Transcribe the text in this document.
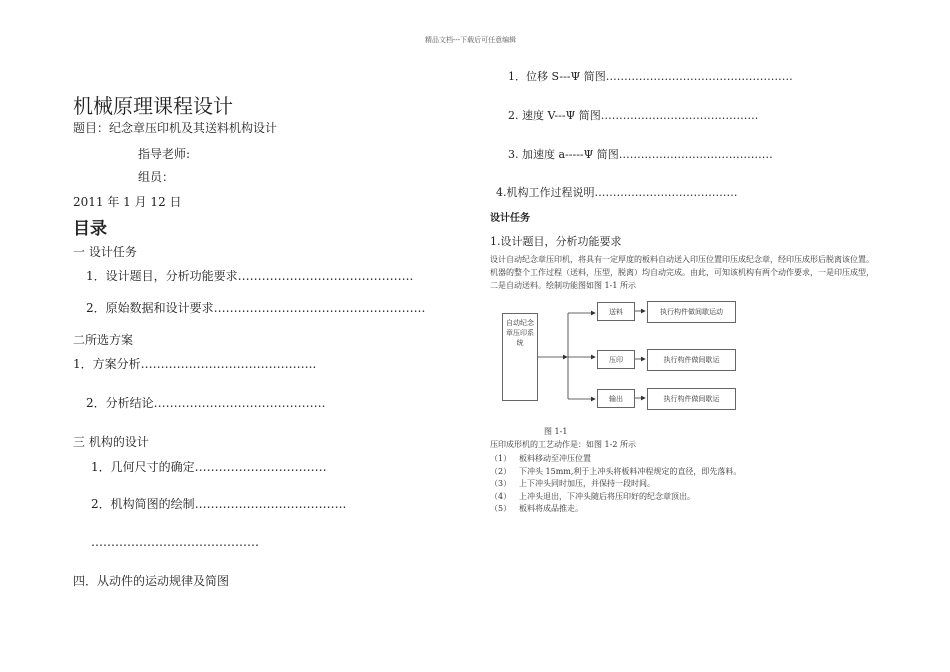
精品文档---下载后可任意编辑
机械原理课程设计
题目：纪念章压印机及其送料机构设计
指导老师:
组员：
2011 年 1 月 12 日
目录
一 设计任务
1．设计题目，分析功能要求……………………………………..
2．原始数据和设计要求……………………………………………..
二所选方案
1．方案分析……………………………………..
2．分析结论…………………………………….
三 机构的设计
1．几何尺寸的确定……………………………
2．机构简图的绘制………………………………..
……………………………………
四．从动件的运动规律及简图
1．位移 S---Ψ 简图……………………………………………
2. 速度 V---Ψ 简图…………………………………….
3. 加速度 a-----Ψ 简图……………………………………
4.机构工作过程说明…………………………………
设计任务
1.设计题目，分析功能要求
设计自动纪念章压印机，将具有一定厚度的板料自动送入印压位置印压成纪念章，经印压成形后脱离该位置。机器的整个工作过程（送料，压型，脱离）均自动完成。由此，可知该机构有两个动作要求，一是印压成型，二是自动送料。绘制功能图如图 1-1 所示
自动纪念章压印系统
送料
压印
输出
执行构件做间歇运动
执行构件做间歇运
执行构件做间歇运
图 1-1
压印成形机的工艺动作是：如图 1-2 所示
（1） 板料移动至冲压位置
（2） 下冲头 15mm,利于上冲头将板料冲程规定的直径，即先落料。
（3） 上下冲头同时加压，并保持一段时间。
（4） 上冲头退出，下冲头随后将压印好的纪念章顶出。
（5） 板料将成品推走。
